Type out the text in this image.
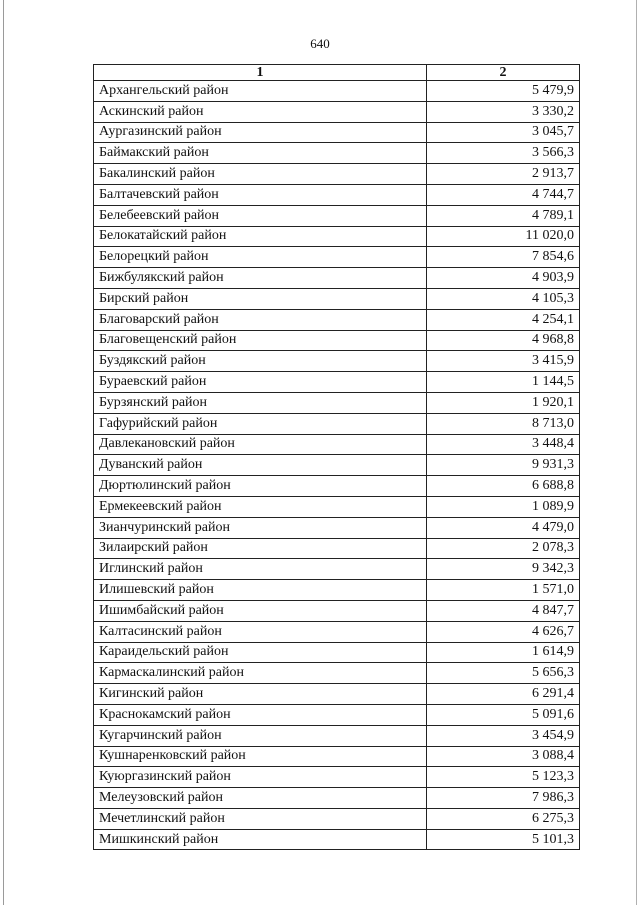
640
1	2
Архангельский район	5 479,9
Аскинский район	3 330,2
Аургазинский район	3 045,7
Баймакский район	3 566,3
Бакалинский район	2 913,7
Балтачевский район	4 744,7
Белебеевский район	4 789,1
Белокатайский район	11 020,0
Белорецкий район	7 854,6
Бижбулякский район	4 903,9
Бирский район	4 105,3
Благоварский район	4 254,1
Благовещенский район	4 968,8
Буздякский район	3 415,9
Бураевский район	1 144,5
Бурзянский район	1 920,1
Гафурийский район	8 713,0
Давлекановский район	3 448,4
Дуванский район	9 931,3
Дюртюлинский район	6 688,8
Ермекеевский район	1 089,9
Зианчуринский район	4 479,0
Зилаирский район	2 078,3
Иглинский район	9 342,3
Илишевский район	1 571,0
Ишимбайский район	4 847,7
Калтасинский район	4 626,7
Караидельский район	1 614,9
Кармаскалинский район	5 656,3
Кигинский район	6 291,4
Краснокамский район	5 091,6
Кугарчинский район	3 454,9
Кушнаренковский район	3 088,4
Куюргазинский район	5 123,3
Мелеузовский район	7 986,3
Мечетлинский район	6 275,3
Мишкинский район	5 101,3
